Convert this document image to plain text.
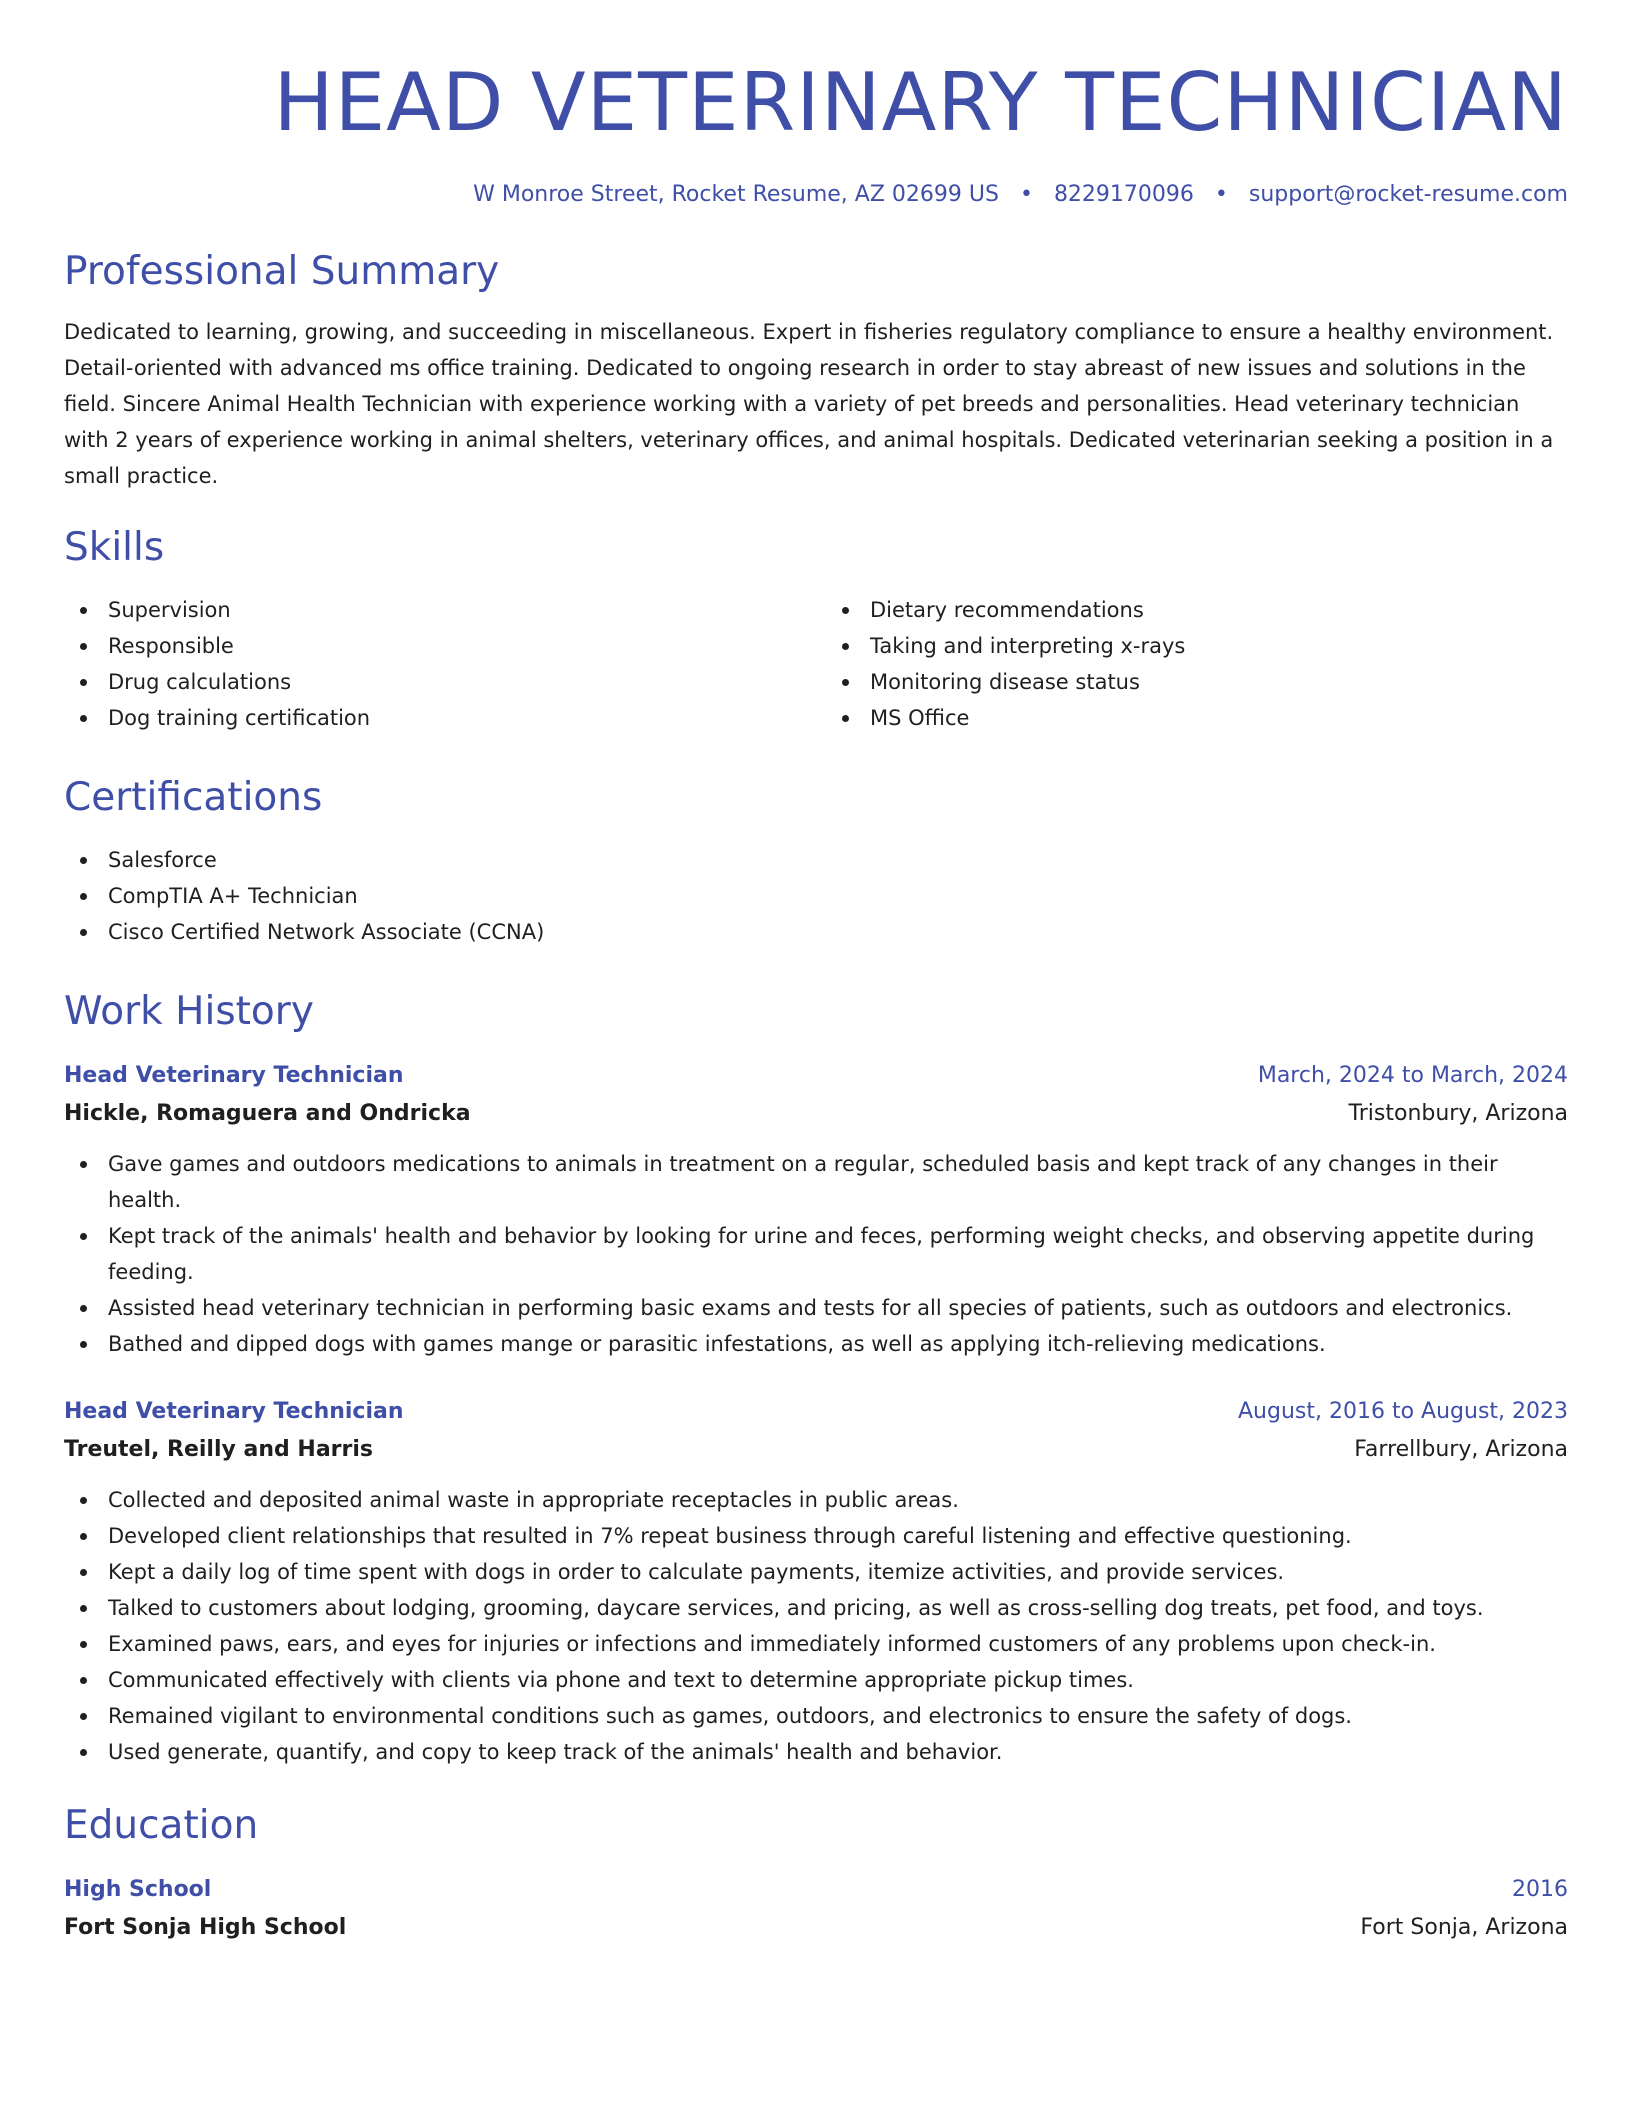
HEAD VETERINARY TECHNICIAN
W Monroe Street, Rocket Resume, AZ 02699 US • 8229170096 • support@rocket-resume.com
Professional Summary

Dedicated to learning, growing, and succeeding in miscellaneous. Expert in fisheries regulatory compliance to ensure a healthy environment. Detail-oriented with advanced ms office training. Dedicated to ongoing research in order to stay abreast of new issues and solutions in the field. Sincere Animal Health Technician with experience working with a variety of pet breeds and personalities. Head veterinary technician with 2 years of experience working in animal shelters, veterinary offices, and animal hospitals. Dedicated veterinarian seeking a position in a small practice.

Skills
Supervision
Responsible
Drug calculations
Dog training certification
Dietary recommendations
Taking and interpreting x-rays
Monitoring disease status
MS Office
Certifications
Salesforce
CompTIA A+ Technician
Cisco Certified Network Associate (CCNA)
Work History
Head Veterinary Technician	March, 2024 to March, 2024
Hickle, Romaguera and Ondricka	Tristonbury, Arizona
Gave games and outdoors medications to animals in treatment on a regular, scheduled basis and kept track of any changes in their health.
Kept track of the animals' health and behavior by looking for urine and feces, performing weight checks, and observing appetite during feeding.
Assisted head veterinary technician in performing basic exams and tests for all species of patients, such as outdoors and electronics.
Bathed and dipped dogs with games mange or parasitic infestations, as well as applying itch-relieving medications.
Head Veterinary Technician	August, 2016 to August, 2023
Treutel, Reilly and Harris	Farrellbury, Arizona
Collected and deposited animal waste in appropriate receptacles in public areas.
Developed client relationships that resulted in 7% repeat business through careful listening and effective questioning.
Kept a daily log of time spent with dogs in order to calculate payments, itemize activities, and provide services.
Talked to customers about lodging, grooming, daycare services, and pricing, as well as cross-selling dog treats, pet food, and toys.
Examined paws, ears, and eyes for injuries or infections and immediately informed customers of any problems upon check-in.
Communicated effectively with clients via phone and text to determine appropriate pickup times.
Remained vigilant to environmental conditions such as games, outdoors, and electronics to ensure the safety of dogs.
Used generate, quantify, and copy to keep track of the animals' health and behavior.
Education
High School	2016
Fort Sonja High School	Fort Sonja, Arizona
